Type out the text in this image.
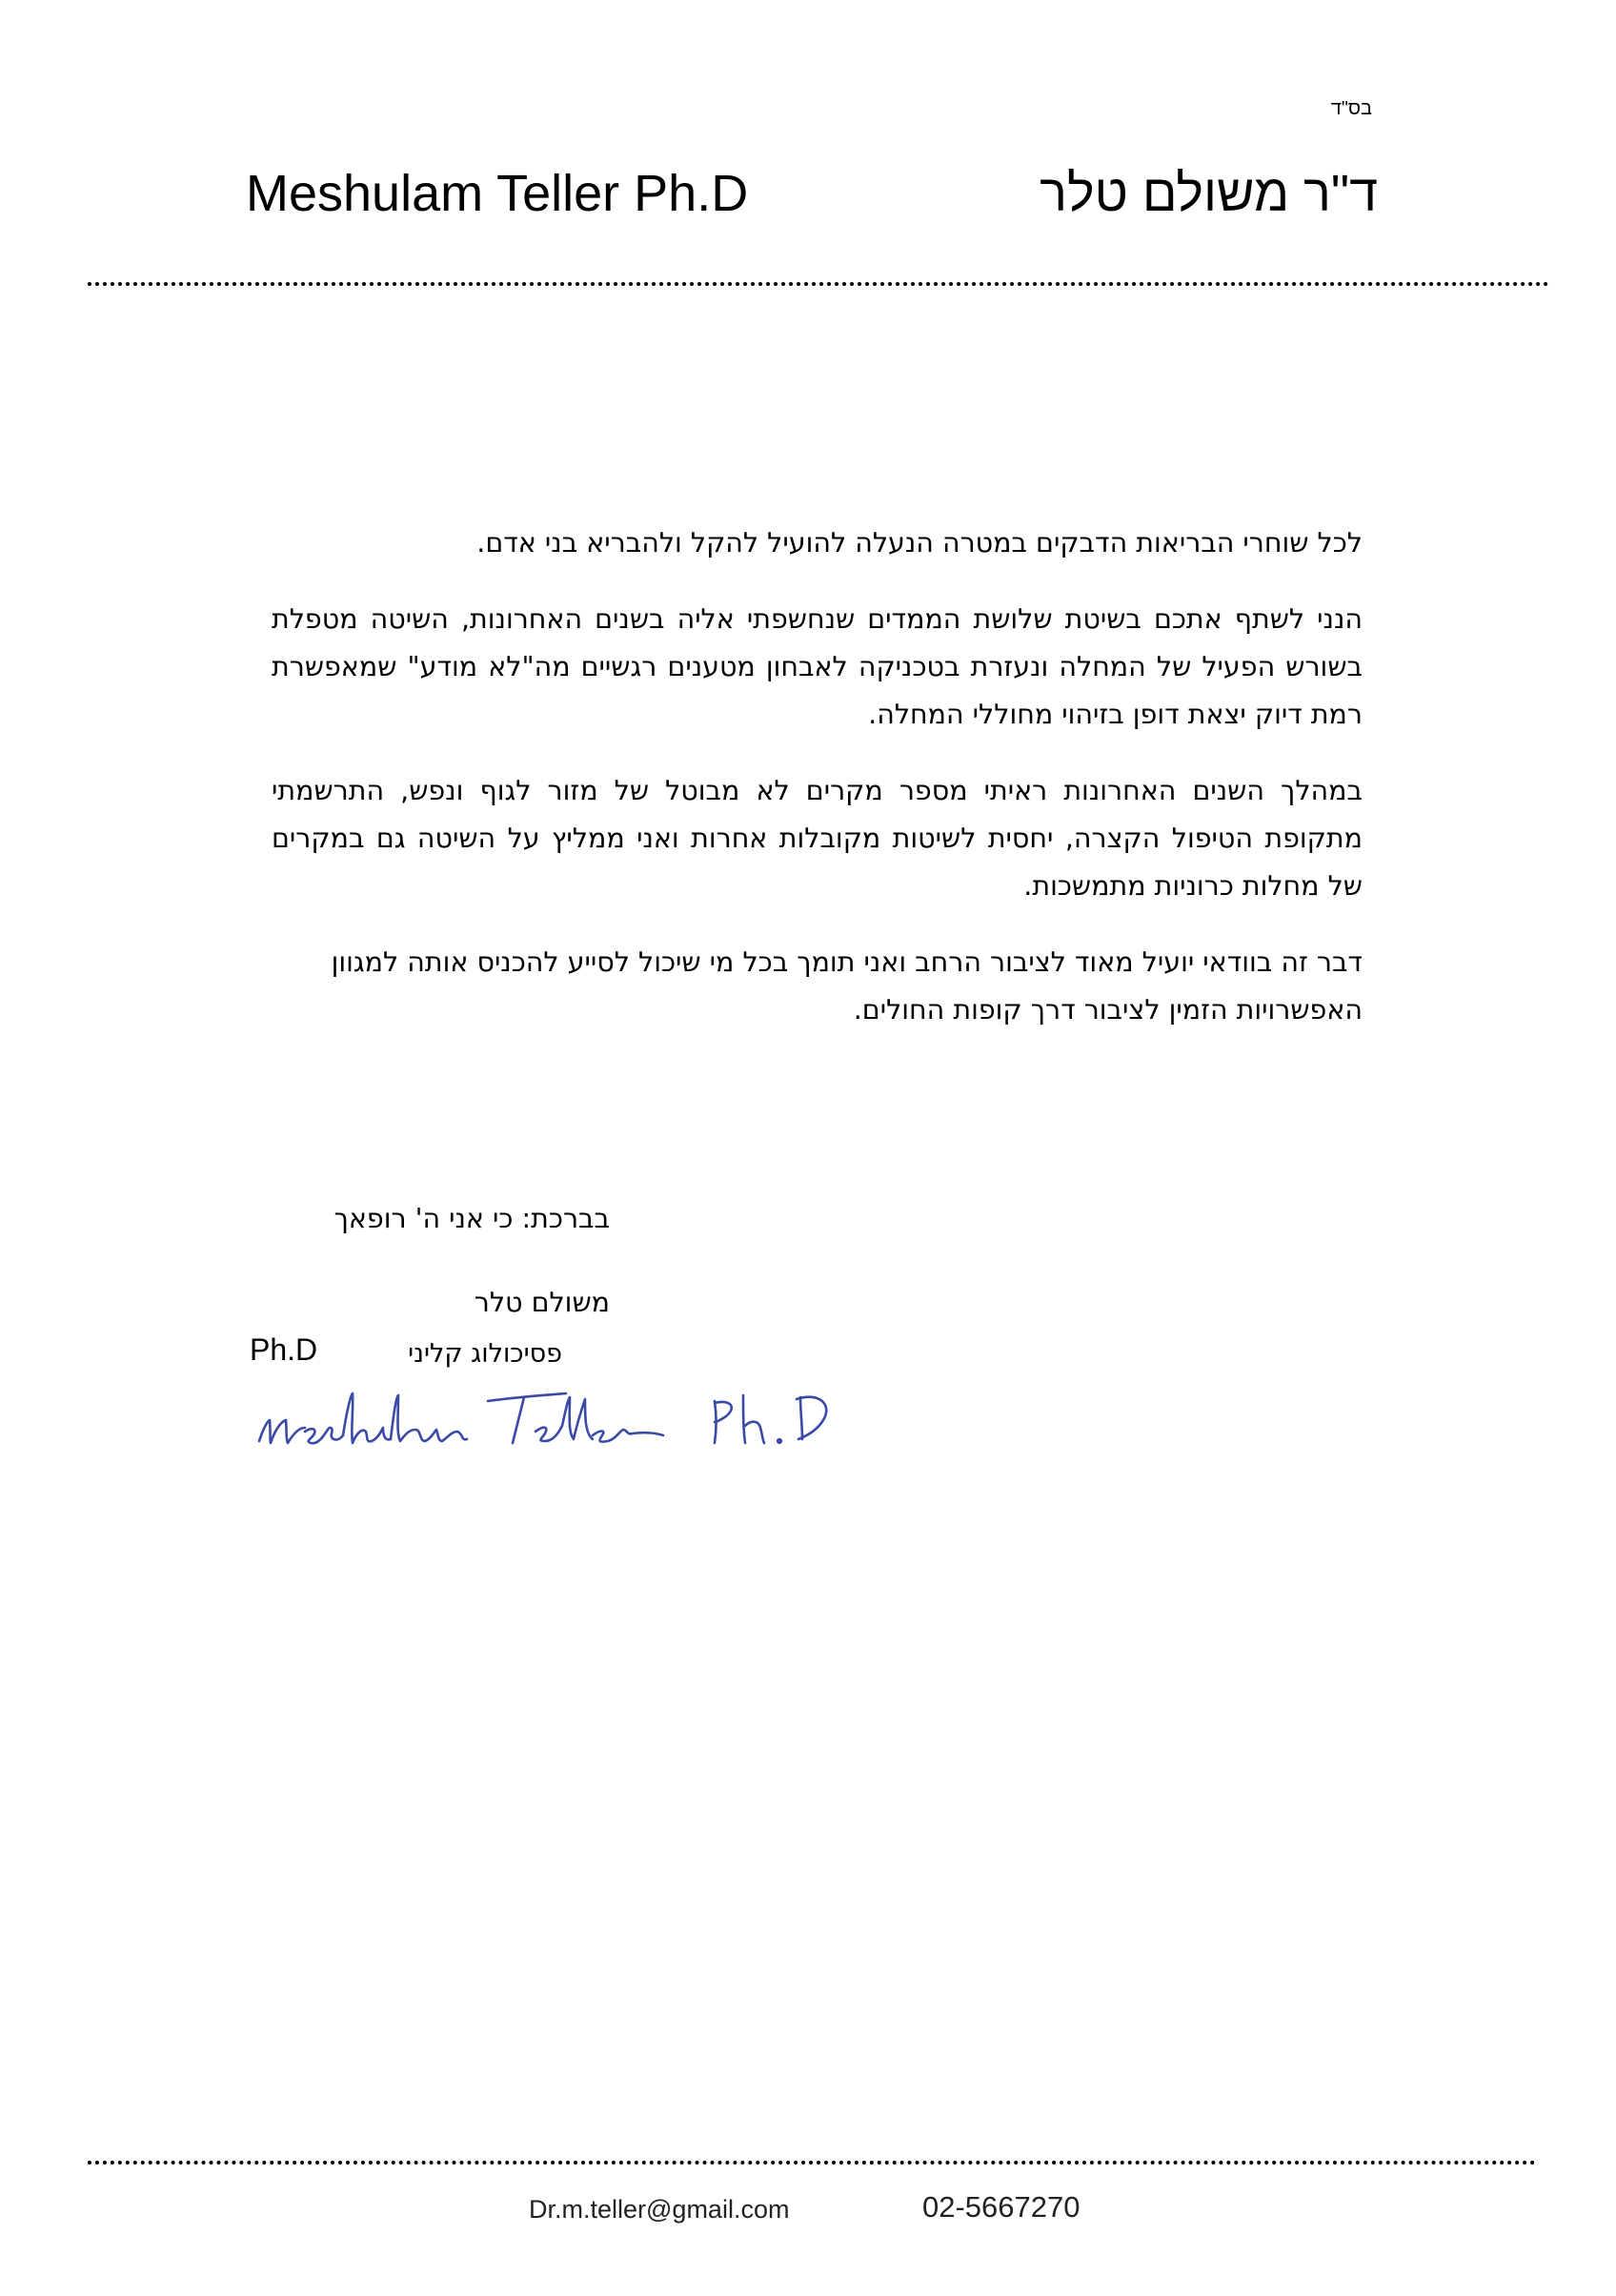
בס"ד
ד"ר משולם טלר
Meshulam Teller Ph.D

לכל שוחרי הבריאות הדבקים במטרה הנעלה להועיל להקל ולהבריא בני אדם.

הנני לשתף אתכם בשיטת שלושת הממדים שנחשפתי אליה בשנים האחרונות, השיטה מטפלת בשורש הפעיל של המחלה ונעזרת בטכניקה לאבחון מטענים רגשיים מה"לא מודע" שמאפשרת רמת דיוק יצאת דופן בזיהוי מחוללי המחלה.

במהלך השנים האחרונות ראיתי מספר מקרים לא מבוטל של מזור לגוף ונפש, התרשמתי מתקופת הטיפול הקצרה, יחסית לשיטות מקובלות אחרות ואני ממליץ על השיטה גם במקרים של מחלות כרוניות מתמשכות.

דבר זה בוודאי יועיל מאוד לציבור הרחב ואני תומך בכל מי שיכול לסייע להכניס אותה למגוון האפשרויות הזמין לציבור דרך קופות החולים.

בברכת: כי אני ה' רופאך
משולם טלר
פסיכולוג קליני
Ph.D
Dr.m.teller@gmail.com	02-5667270
